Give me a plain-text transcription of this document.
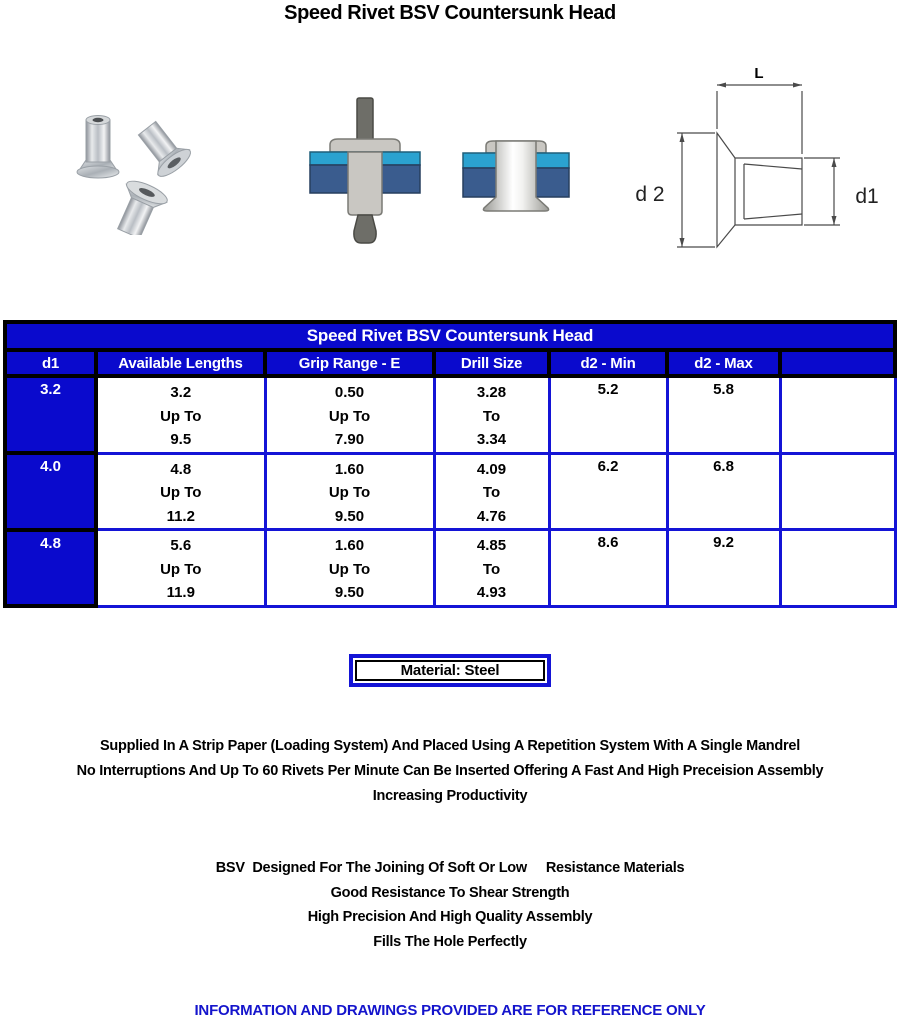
Speed Rivet BSV Countersunk Head
L
d 2	d1
Speed Rivet BSV Countersunk Head						
d1	Available Lengths	Grip Range - E	Drill Size	d2 - Min	d2 - Max	
3.2	3.2
Up To
9.5

0.50
Up To
7.90

3.28
To
3.34
	5.2	5.8	
4.0	4.8
Up To
11.2

1.60
Up To
9.50

4.09
To
4.76
	6.2	6.8	
4.8	5.6
Up To
11.9

1.60
Up To
9.50

4.85
To
4.93
	8.6	9.2	
Material: Steel
Supplied In A Strip Paper (Loading System) And Placed Using A Repetition System With A Single Mandrel
No Interruptions And Up To 60 Rivets Per Minute Can Be Inserted Offering A Fast And High Preceision Assembly
Increasing Productivity
BSV  Designed For The Joining Of Soft Or Low     Resistance Materials
Good Resistance To Shear Strength
High Precision And High Quality Assembly
Fills The Hole Perfectly
INFORMATION AND DRAWINGS PROVIDED ARE FOR REFERENCE ONLY
